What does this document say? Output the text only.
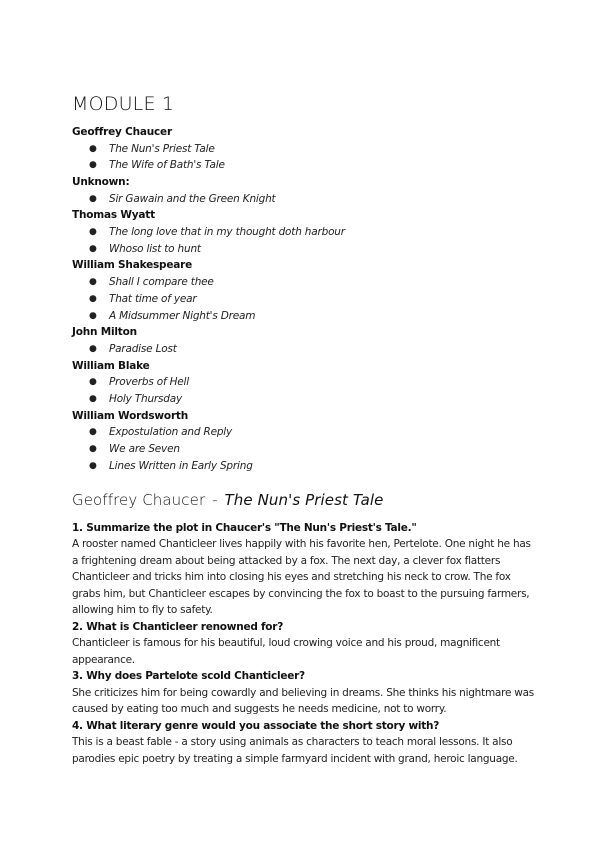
MODULE 1

Geoffrey Chaucer

● The Nun's Priest Tale
● The Wife of Bath's Tale

Unknown:

● Sir Gawain and the Green Knight

Thomas Wyatt

● The long love that in my thought doth harbour
● Whoso list to hunt

William Shakespeare

● Shall I compare thee
● That time of year
● A Midsummer Night's Dream

John Milton

● Paradise Lost

William Blake

● Proverbs of Hell
● Holy Thursday

William Wordsworth

● Expostulation and Reply
● We are Seven
● Lines Written in Early Spring
Geoffrey Chaucer - The Nun's Priest Tale

1. Summarize the plot in Chaucer's "The Nun's Priest's Tale."

A rooster named Chanticleer lives happily with his favorite hen, Pertelote. One night he has a frightening dream about being attacked by a fox. The next day, a clever fox flatters Chanticleer and tricks him into closing his eyes and stretching his neck to crow. The fox grabs him, but Chanticleer escapes by convincing the fox to boast to the pursuing farmers, allowing him to fly to safety.

2. What is Chanticleer renowned for?

Chanticleer is famous for his beautiful, loud crowing voice and his proud, magnificent appearance.

3. Why does Partelote scold Chanticleer?

She criticizes him for being cowardly and believing in dreams. She thinks his nightmare was caused by eating too much and suggests he needs medicine, not to worry.

4. What literary genre would you associate the short story with?

This is a beast fable - a story using animals as characters to teach moral lessons. It also parodies epic poetry by treating a simple farmyard incident with grand, heroic language.
